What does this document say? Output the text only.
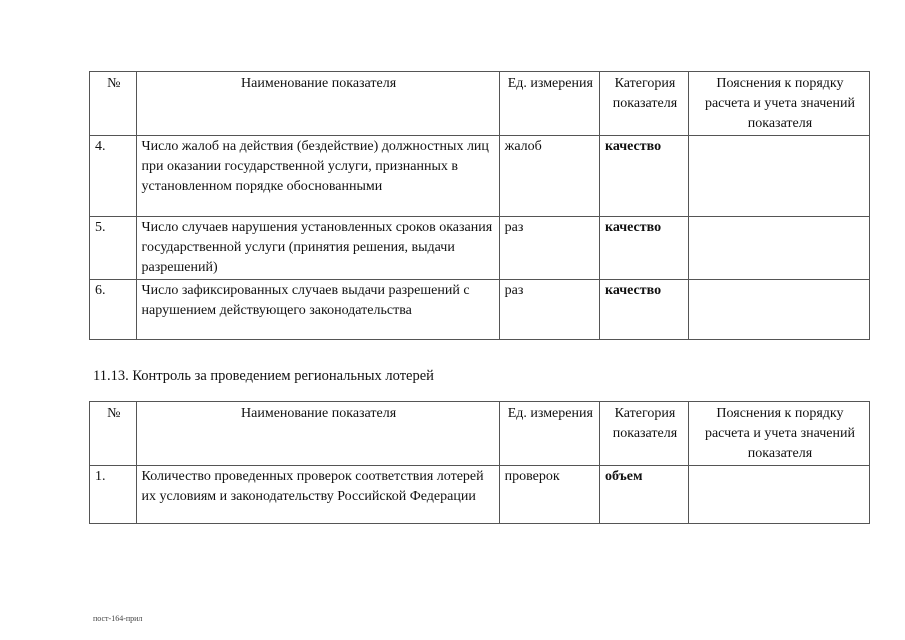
№	Наименование показателя	Ед. измерения	Категория показателя	Пояснения к порядку расчета и учета значений показателя
4.	Число жалоб на действия (бездействие) должностных лиц при оказании государственной услуги, признанных в установленном порядке обоснованными	жалоб	качество	
5.	Число случаев нарушения установленных сроков оказания государственной услуги (принятия решения, выдачи разрешений)	раз	качество	
6.	Число зафиксированных случаев выдачи разрешений с нарушением действующего законодательства	раз	качество	
11.13. Контроль за проведением региональных лотерей
№	Наименование показателя	Ед. измерения	Категория показателя	Пояснения к порядку расчета и учета значений показателя
1.	Количество проведенных проверок соответствия лотерей их условиям и законодательству Российской Федерации	проверок	объем	
пост-164-прил
